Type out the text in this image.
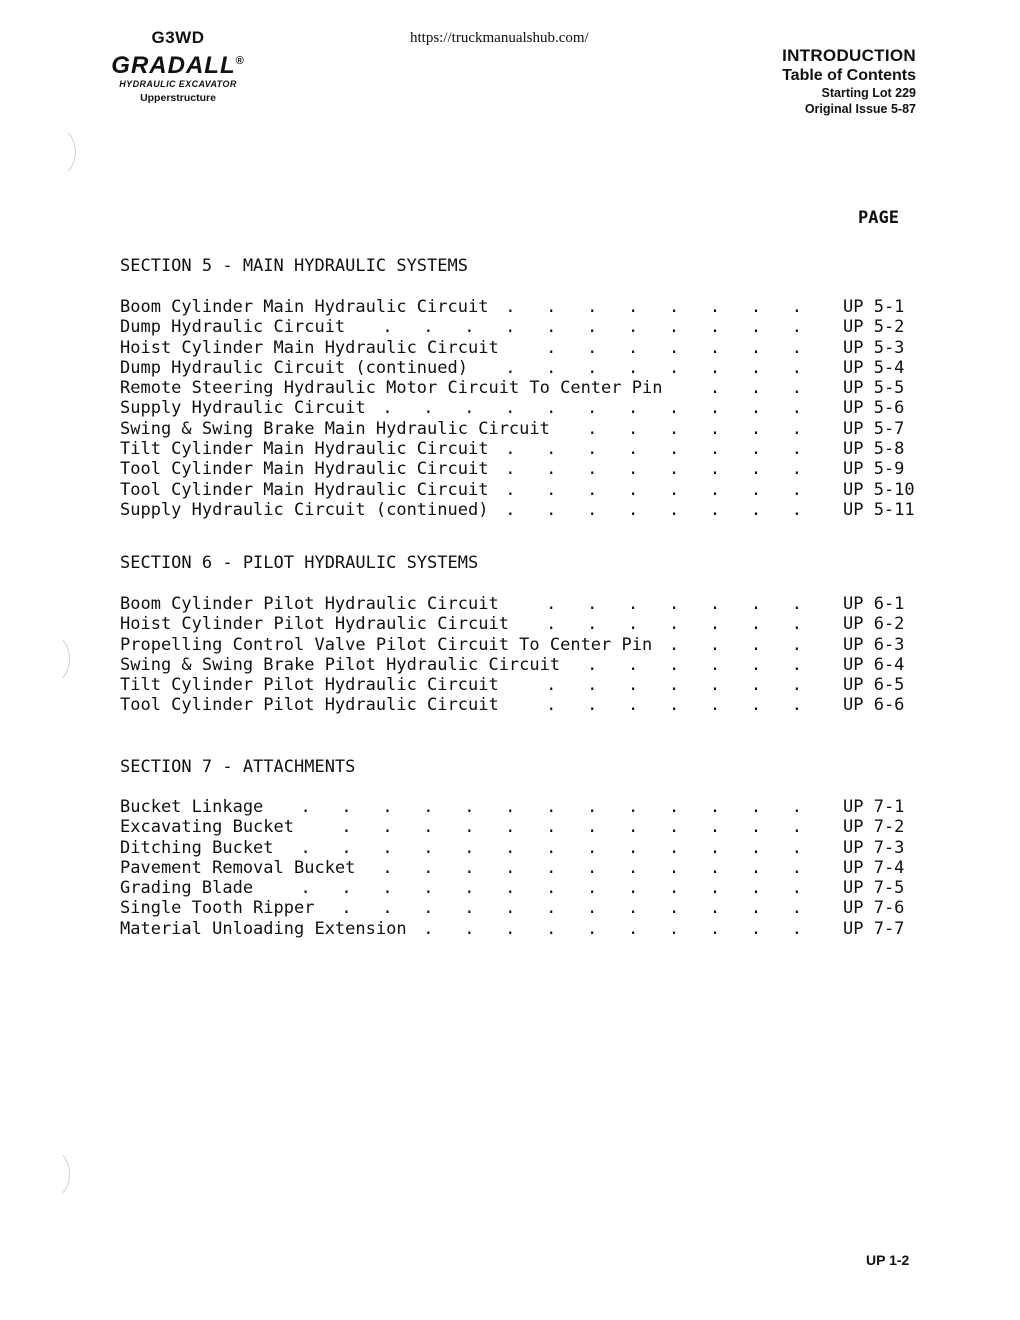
G3WD
GRADALL®
HYDRAULIC EXCAVATOR
Upperstructure
https://truckmanualshub.com/
INTRODUCTION
Table of Contents
Starting Lot 229
Original Issue 5-87
PAGE
SECTION 5 - MAIN HYDRAULIC SYSTEMS
Boom Cylinder Main Hydraulic Circuit .   .   .   .   .   .   .   . UP 5-1
Dump Hydraulic Circuit .   .   .   .   .   .   .   .   .   .   . UP 5-2
Hoist Cylinder Main Hydraulic Circuit	.   .   .   .   .   .   . UP 5-3
Dump Hydraulic Circuit (continued) .   .   .   .   .   .   .   . UP 5-4
Remote Steering Hydraulic Motor Circuit To Center Pin	.   .   . UP 5-5
Supply Hydraulic Circuit .   .   .   .   .   .   .   .   .   .   . UP 5-6
Swing & Swing Brake Main Hydraulic Circuit .   .   .   .   .   . UP 5-7
Tilt Cylinder Main Hydraulic Circuit .   .   .   .   .   .   .   . UP 5-8
Tool Cylinder Main Hydraulic Circuit .   .   .   .   .   .   .   . UP 5-9
Tool Cylinder Main Hydraulic Circuit .   .   .   .   .   .   .   . UP 5-10
Supply Hydraulic Circuit (continued) .   .   .   .   .   .   .   . UP 5-11
SECTION 6 - PILOT HYDRAULIC SYSTEMS
Boom Cylinder Pilot Hydraulic Circuit	.   .   .   .   .   .   . UP 6-1
Hoist Cylinder Pilot Hydraulic Circuit .   .   .   .   .   .   . UP 6-2
Propelling Control Valve Pilot Circuit To Center Pin .   .   .   . UP 6-3
Swing & Swing Brake Pilot Hydraulic Circuit .   .   .   .   .   . UP 6-4
Tilt Cylinder Pilot Hydraulic Circuit	.   .   .   .   .   .   . UP 6-5
Tool Cylinder Pilot Hydraulic Circuit	.   .   .   .   .   .   . UP 6-6
SECTION 7 - ATTACHMENTS
Bucket Linkage .   .   .   .   .   .   .   .   .   .   .   .   . UP 7-1
Excavating Bucket	.   .   .   .   .   .   .   .   .   .   .   . UP 7-2
Ditching Bucket .   .   .   .   .   .   .   .   .   .   .   .   . UP 7-3
Pavement Removal Bucket .   .   .   .   .   .   .   .   .   .   . UP 7-4
Grading Blade	.   .   .   .   .   .   .   .   .   .   .   .   . UP 7-5
Single Tooth Ripper .   .   .   .   .   .   .   .   .   .   .   . UP 7-6
Material Unloading Extension .   .   .   .   .   .   .   .   .   . UP 7-7
UP 1-2
